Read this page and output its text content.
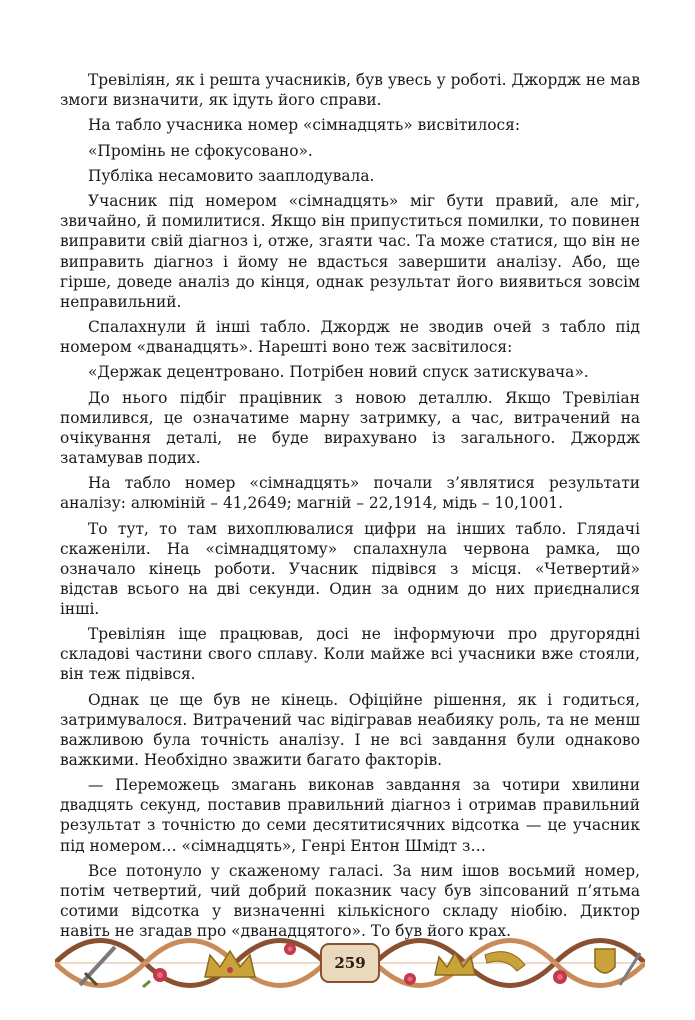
Тревіліян, як і решта учасників, був увесь у роботі. Джордж не мав змоги визначити, як ідуть його справи.

На табло учасника номер «сімнадцять» висвітилося:

«Промінь не сфокусовано».

Публіка несамовито зааплодувала.

Учасник під номером «сімнадцять» міг бути правий, але міг, звичайно, й помилитися. Якщо він припуститься помилки, то повинен виправити свій діагноз і, отже, згаяти час. Та може статися, що він не виправить діагноз і йому не вдасться завершити аналізу. Або, ще гірше, доведе аналіз до кінця, однак результат його виявиться зовсім неправильний.

Спалахнули й інші табло. Джордж не зводив очей з табло під номером «дванадцять». Нарешті воно теж засвітилося:

«Держак децентровано. Потрібен новий спуск затискувача».

До нього підбіг працівник з новою деталлю. Якщо Тревіліан помилився, це означатиме марну затримку, а час, витрачений на очікування деталі, не буде вирахувано із загального. Джордж затамував подих.

На табло номер «сімнадцять» почали з’являтися результати аналізу: алюміній – 41,2649; магній – 22,1914, мідь – 10,1001.

То тут, то там вихоплювалися цифри на інших табло. Глядачі скаженіли. На «сімнадцятому» спалахнула червона рамка, що означало кінець роботи. Учасник підвівся з місця. «Четвертий» відстав всього на дві секунди. Один за одним до них приєдналися інші.

Тревіліян іще працював, досі не інформуючи про другорядні складові частини свого сплаву. Коли майже всі учасники вже стояли, він теж підвівся.

Однак це ще був не кінець. Офіційне рішення, як і годиться, затримувалося. Витрачений час відігравав неабияку роль, та не менш важливою була точність аналізу. І не всі завдання були однаково важкими. Необхідно зважити багато факторів.

— Переможець змагань виконав завдання за чотири хвилини двадцять секунд, поставив правильний діагноз і отримав правильний результат з точністю до семи десятитисячних відсотка — це учасник під номером… «сімнадцять», Генрі Ентон Шмідт з…

Все потонуло у скаженому галасі. За ним ішов восьмий номер, потім четвертий, чий добрий показник часу був зіпсований п’ятьма сотими відсотка у визначенні кількісного складу ніобію. Диктор навіть не згадав про «дванадцятого». То був його крах.

259
